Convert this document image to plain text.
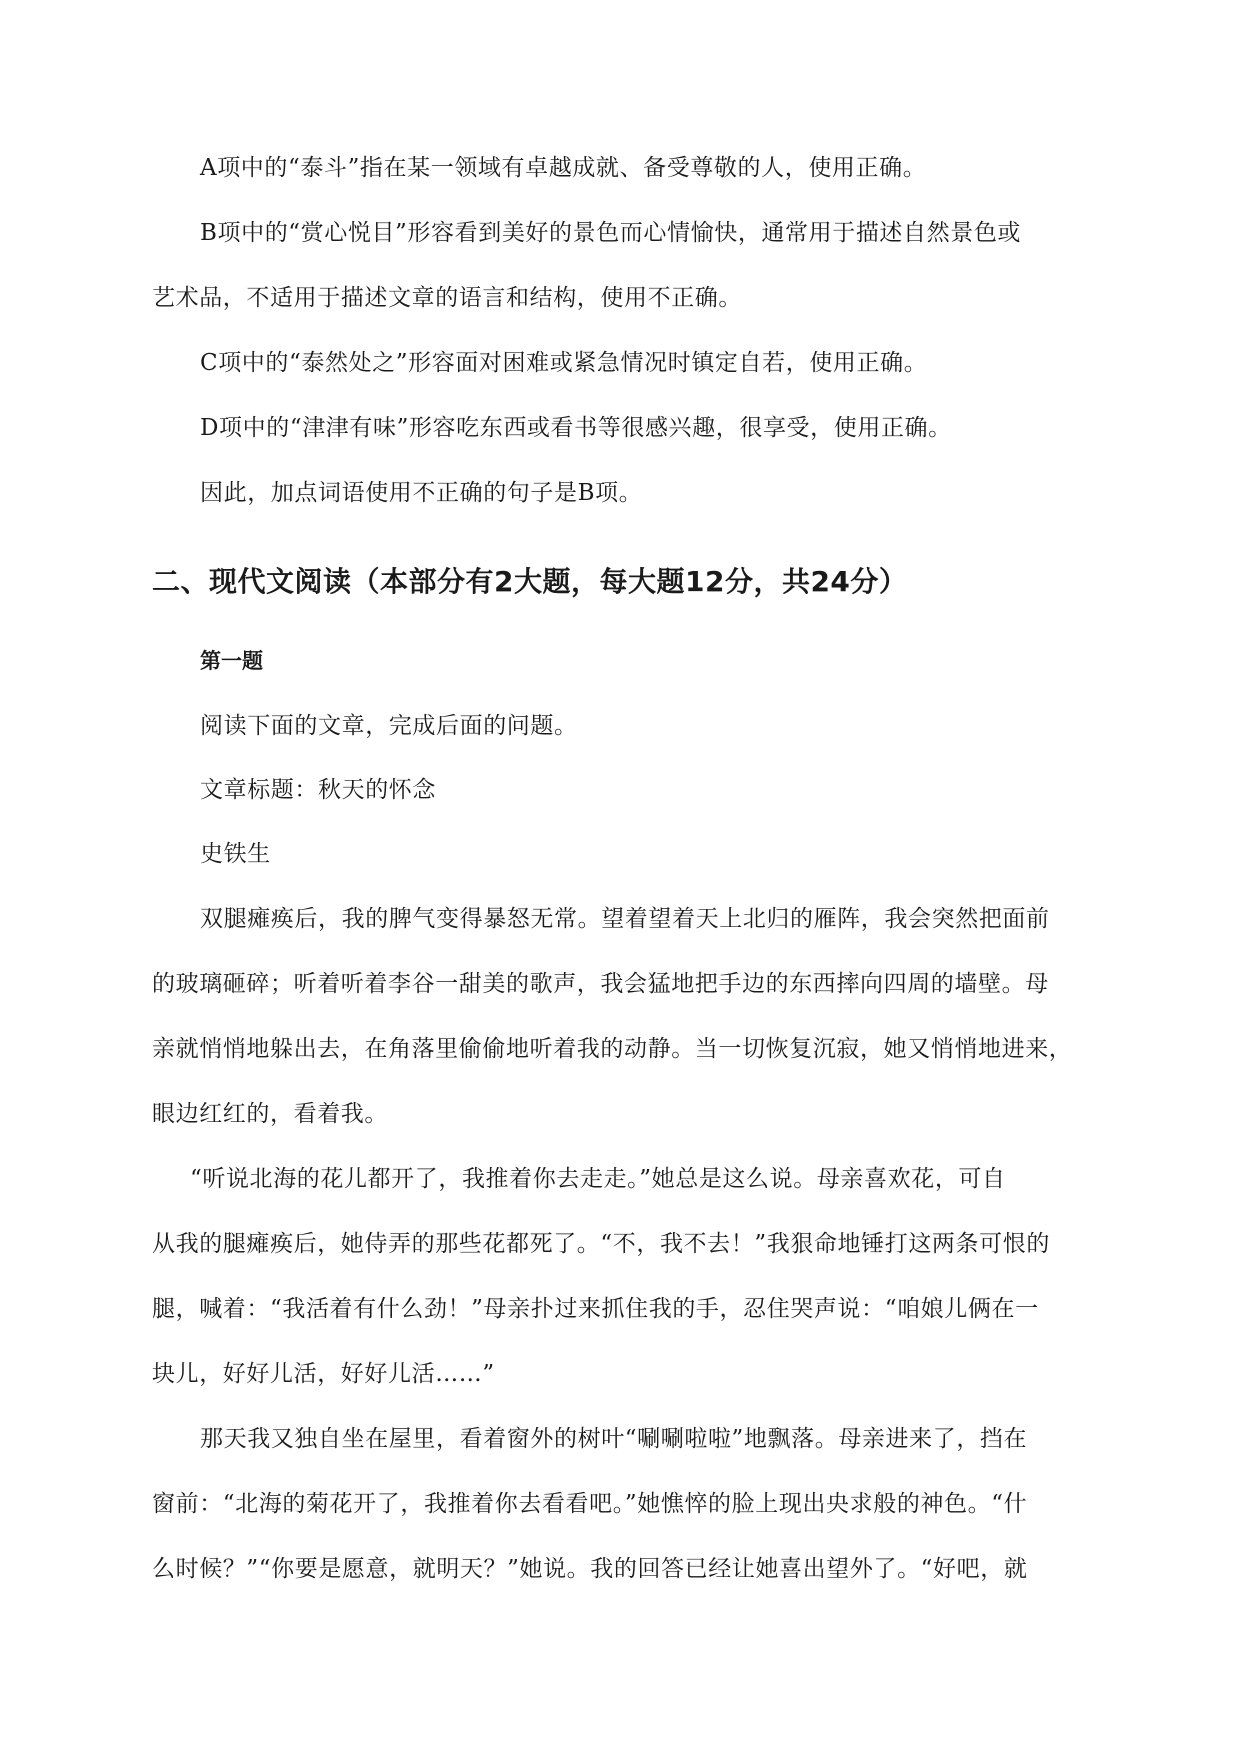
A项中的“泰斗”指在某一领域有卓越成就、备受尊敬的人，使用正确。
B项中的“赏心悦目”形容看到美好的景色而心情愉快，通常用于描述自然景色或
艺术品，不适用于描述文章的语言和结构，使用不正确。
C项中的“泰然处之”形容面对困难或紧急情况时镇定自若，使用正确。
D项中的“津津有味”形容吃东西或看书等很感兴趣，很享受，使用正确。
因此，加点词语使用不正确的句子是B项。
二、现代文阅读（本部分有2大题，每大题12分，共24分）
第一题
阅读下面的文章，完成后面的问题。
文章标题：秋天的怀念
史铁生
双腿瘫痪后，我的脾气变得暴怒无常。望着望着天上北归的雁阵，我会突然把面前
的玻璃砸碎；听着听着李谷一甜美的歌声，我会猛地把手边的东西摔向四周的墙壁。母
亲就悄悄地躲出去，在角落里偷偷地听着我的动静。当一切恢复沉寂，她又悄悄地进来，
眼边红红的，看着我。
“听说北海的花儿都开了，我推着你去走走。”她总是这么说。母亲喜欢花，可自
从我的腿瘫痪后，她侍弄的那些花都死了。“不，我不去！”我狠命地锤打这两条可恨的
腿，喊着：“我活着有什么劲！”母亲扑过来抓住我的手，忍住哭声说：“咱娘儿俩在一
块儿，好好儿活，好好儿活……”
那天我又独自坐在屋里，看着窗外的树叶“唰唰啦啦”地飘落。母亲进来了，挡在
窗前：“北海的菊花开了，我推着你去看看吧。”她憔悴的脸上现出央求般的神色。“什
么时候？”“你要是愿意，就明天？”她说。我的回答已经让她喜出望外了。“好吧，就
